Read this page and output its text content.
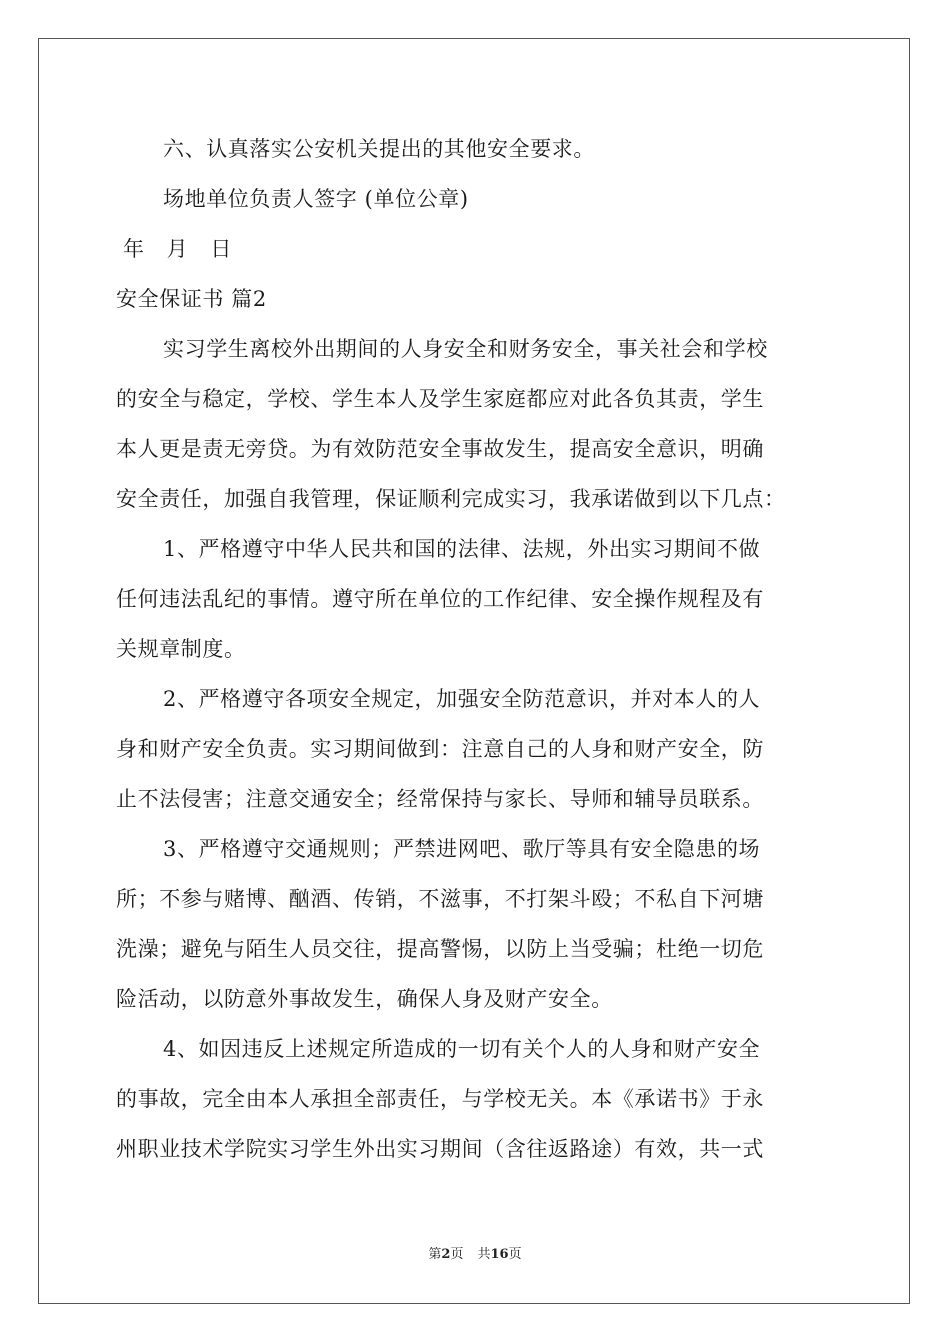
六、认真落实公安机关提出的其他安全要求。
场地单位负责人签字 (单位公章)
年 月 日
安全保证书 篇2
实习学生离校外出期间的人身安全和财务安全，事关社会和学校
的安全与稳定，学校、学生本人及学生家庭都应对此各负其责，学生
本人更是责无旁贷。为有效防范安全事故发生，提高安全意识，明确
安全责任，加强自我管理，保证顺利完成实习，我承诺做到以下几点：
1、严格遵守中华人民共和国的法律、法规，外出实习期间不做
任何违法乱纪的事情。遵守所在单位的工作纪律、安全操作规程及有
关规章制度。
2、严格遵守各项安全规定，加强安全防范意识，并对本人的人
身和财产安全负责。实习期间做到：注意自己的人身和财产安全，防
止不法侵害；注意交通安全；经常保持与家长、导师和辅导员联系。
3、严格遵守交通规则；严禁进网吧、歌厅等具有安全隐患的场
所；不参与赌博、酗酒、传销，不滋事，不打架斗殴；不私自下河塘
洗澡；避免与陌生人员交往，提高警惕，以防上当受骗；杜绝一切危
险活动，以防意外事故发生，确保人身及财产安全。
4、如因违反上述规定所造成的一切有关个人的人身和财产安全
的事故，完全由本人承担全部责任，与学校无关。本《承诺书》于永
州职业技术学院实习学生外出实习期间（含往返路途）有效，共一式
第2页 共16页
